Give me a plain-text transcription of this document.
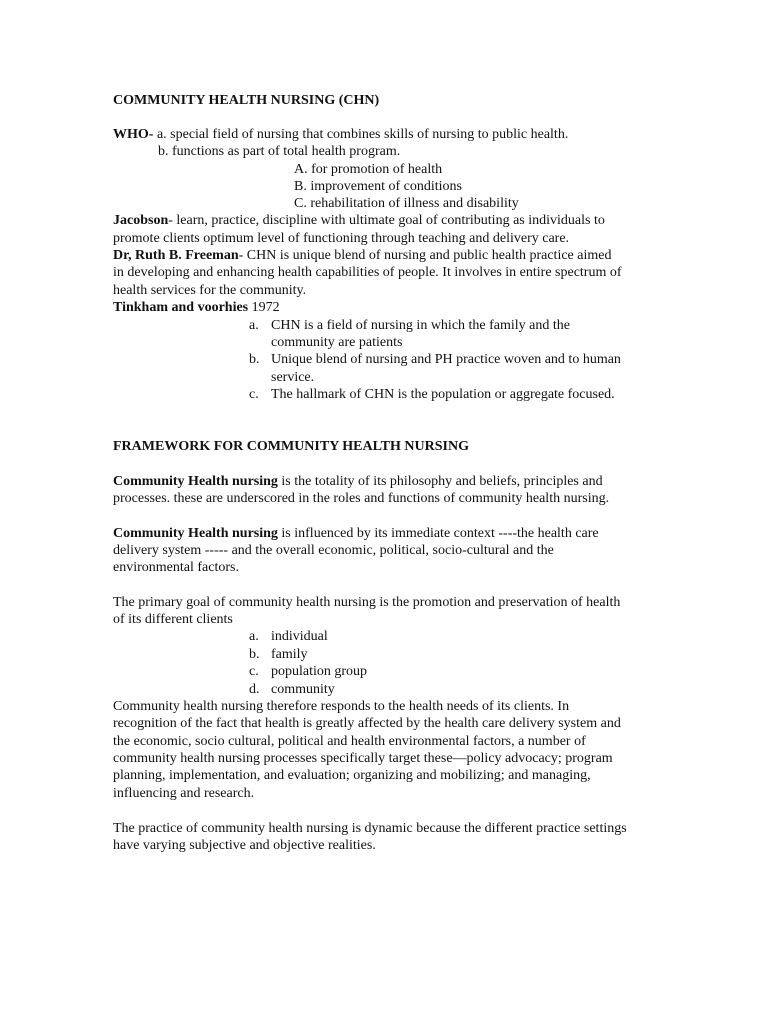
COMMUNITY HEALTH NURSING (CHN)
WHO- a. special field of nursing that combines skills of nursing to public health.
b. functions as part of total health program.
A. for promotion of health
B. improvement of conditions
C. rehabilitation of illness and disability
Jacobson- learn, practice, discipline with ultimate goal of contributing as individuals to
promote clients optimum level of functioning through teaching and delivery care.
Dr, Ruth B. Freeman- CHN is unique blend of nursing and public health practice aimed
in developing and enhancing health capabilities of people. It involves in entire spectrum of
health services for the community.
Tinkham and voorhies 1972
a. CHN is a field of nursing in which the family and the
community are patients
b. Unique blend of nursing and PH practice woven and to human
service.
c. The hallmark of CHN is the population or aggregate focused.
FRAMEWORK FOR COMMUNITY HEALTH NURSING
Community Health nursing is the totality of its philosophy and beliefs, principles and
processes. these are underscored in the roles and functions of community health nursing.
Community Health nursing is influenced by its immediate context ----the health care
delivery system ----- and the overall economic, political, socio-cultural and the
environmental factors.
The primary goal of community health nursing is the promotion and preservation of health
of its different clients
a. individual
b. family
c. population group
d. community
Community health nursing therefore responds to the health needs of its clients. In
recognition of the fact that health is greatly affected by the health care delivery system and
the economic, socio cultural, political and health environmental factors, a number of
community health nursing processes specifically target these—policy advocacy; program
planning, implementation, and evaluation; organizing and mobilizing; and managing,
influencing and research.
The practice of community health nursing is dynamic because the different practice settings
have varying subjective and objective realities.
